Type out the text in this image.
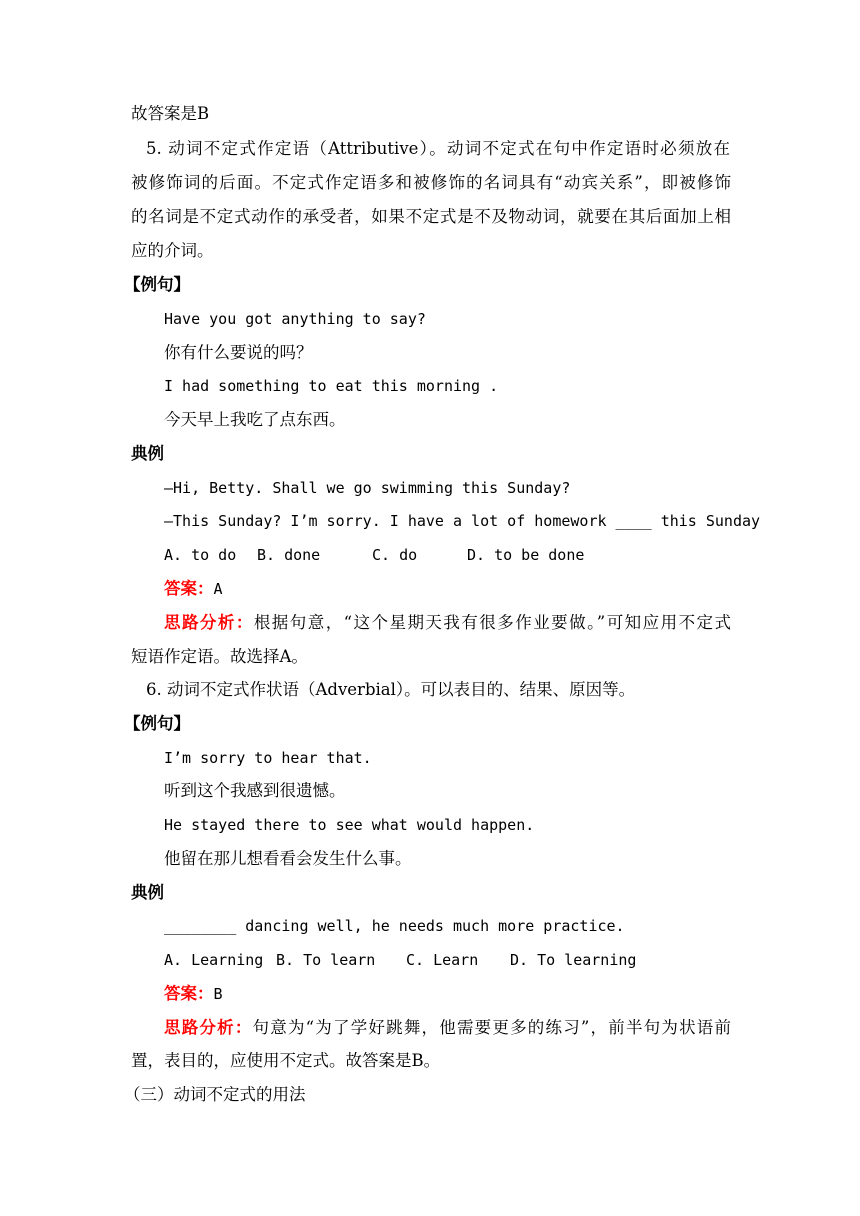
故答案是B
5. 动词不定式作定语（Attributive）。动词不定式在句中作定语时必须放在
被修饰词的后面。不定式作定语多和被修饰的名词具有“动宾关系”，即被修饰
的名词是不定式动作的承受者，如果不定式是不及物动词，就要在其后面加上相
应的介词。
【例句】
Have you got anything to say?
你有什么要说的吗？
I had something to eat this morning .
今天早上我吃了点东西。
典例
—Hi, Betty. Shall we go swimming this Sunday?
—This Sunday? I’m sorry. I have a lot of homework ____ this Sunday
A. to do B. done	C. do	D. to be done
答案：A
思路分析：根据句意，“这个星期天我有很多作业要做。”可知应用不定式
短语作定语。故选择A。
6. 动词不定式作状语（Adverbial）。可以表目的、结果、原因等。
【例句】
I’m sorry to hear that.
听到这个我感到很遗憾。
He stayed there to see what would happen.
他留在那儿想看看会发生什么事。
典例
________ dancing well, he needs much more practice.
A. Learning B. To learn C. Learn D. To learning
答案：B
思路分析：句意为“为了学好跳舞，他需要更多的练习”，前半句为状语前
置，表目的，应使用不定式。故答案是B。
（三）动词不定式的用法
